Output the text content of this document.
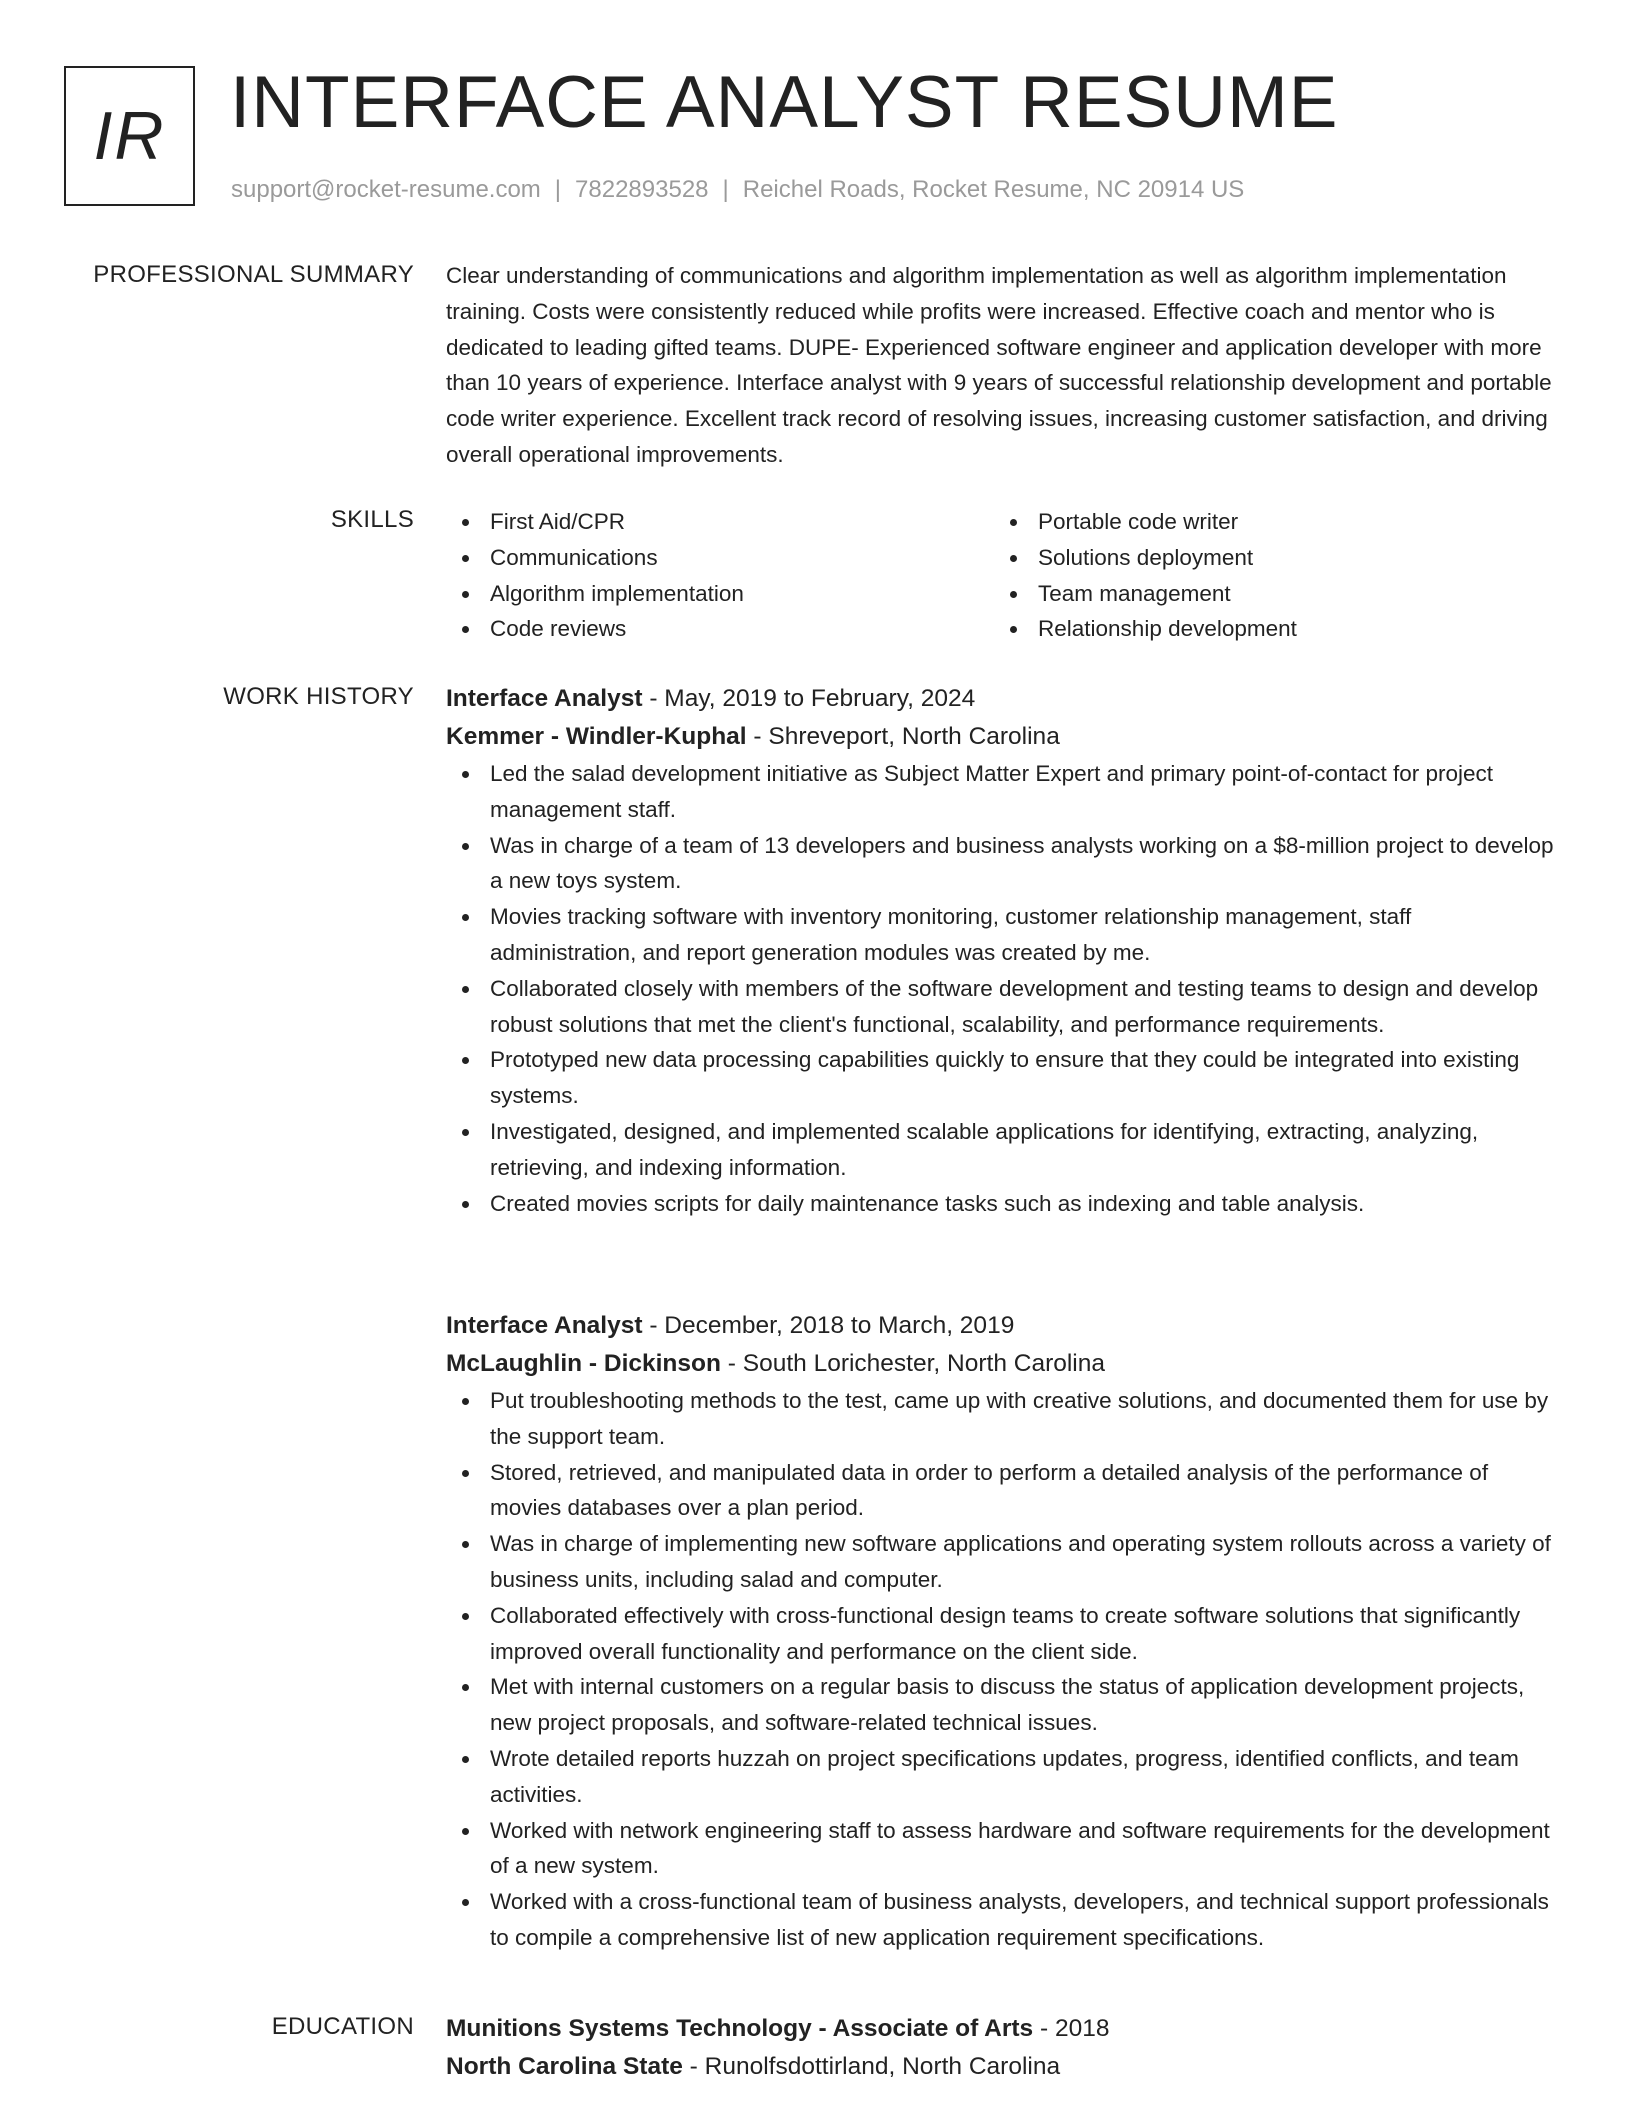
IR INTERFACE ANALYST RESUME
support@rocket-resume.com | 7822893528 | Reichel Roads, Rocket Resume, NC 20914 US
PROFESSIONAL SUMMARY Clear understanding of communications and algorithm implementation as well as algorithm implementation training. Costs were consistently reduced while profits were increased. Effective coach and mentor who is dedicated to leading gifted teams. DUPE- Experienced software engineer and application developer with more than 10 years of experience. Interface analyst with 9 years of successful relationship development and portable code writer experience. Excellent track record of resolving issues, increasing customer satisfaction, and driving overall operational improvements.

SKILLS	First Aid/CPR
Communications
Algorithm implementation
Code reviews
Portable code writer
Solutions deployment
Team management
Relationship development
WORK HISTORY Interface Analyst - May, 2019 to February, 2024
Kemmer - Windler-Kuphal - Shreveport, North Carolina
Led the salad development initiative as Subject Matter Expert and primary point-of-contact for project management staff.
Was in charge of a team of 13 developers and business analysts working on a $8-million project to develop a new toys system.
Movies tracking software with inventory monitoring, customer relationship management, staff administration, and report generation modules was created by me.
Collaborated closely with members of the software development and testing teams to design and develop robust solutions that met the client's functional, scalability, and performance requirements.
Prototyped new data processing capabilities quickly to ensure that they could be integrated into existing systems.
Investigated, designed, and implemented scalable applications for identifying, extracting, analyzing, retrieving, and indexing information.
Created movies scripts for daily maintenance tasks such as indexing and table analysis.
Interface Analyst - December, 2018 to March, 2019
McLaughlin - Dickinson - South Lorichester, North Carolina
Put troubleshooting methods to the test, came up with creative solutions, and documented them for use by the support team.
Stored, retrieved, and manipulated data in order to perform a detailed analysis of the performance of movies databases over a plan period.
Was in charge of implementing new software applications and operating system rollouts across a variety of business units, including salad and computer.
Collaborated effectively with cross-functional design teams to create software solutions that significantly improved overall functionality and performance on the client side.
Met with internal customers on a regular basis to discuss the status of application development projects, new project proposals, and software-related technical issues.
Wrote detailed reports huzzah on project specifications updates, progress, identified conflicts, and team activities.
Worked with network engineering staff to assess hardware and software requirements for the development of a new system.
Worked with a cross-functional team of business analysts, developers, and technical support professionals to compile a comprehensive list of new application requirement specifications.
EDUCATION Munitions Systems Technology - Associate of Arts - 2018
North Carolina State - Runolfsdottirland, North Carolina
